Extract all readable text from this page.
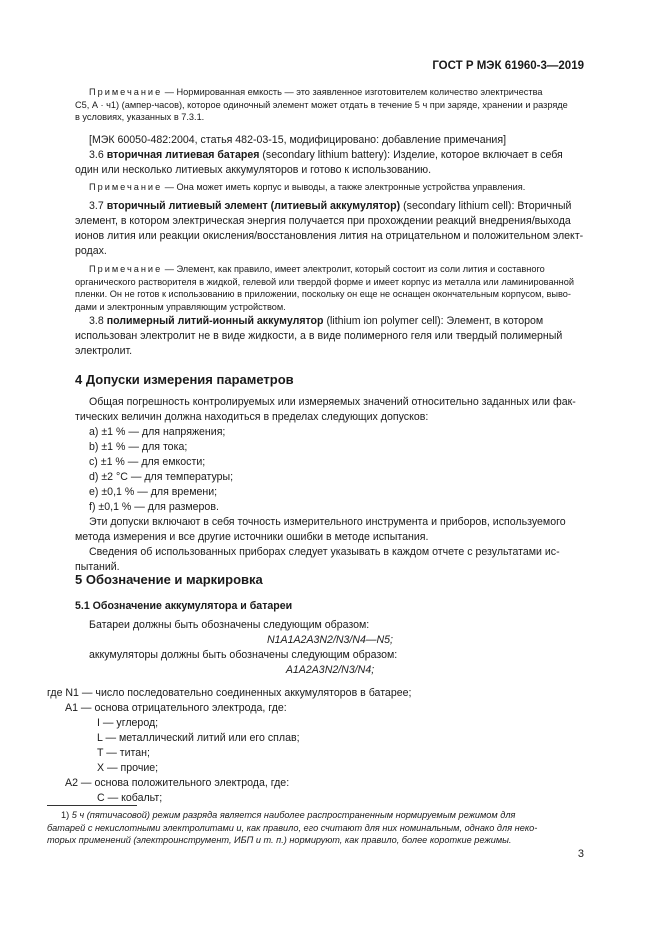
ГОСТ Р МЭК 61960-3—2019

Примечание — Нормированная емкость — это заявленное изготовителем количество электричества

C5, А · ч1) (ампер-часов), которое одиночный элемент может отдать в течение 5 ч при заряде, хранении и разряде

в условиях, указанных в 7.3.1.

[МЭК 60050-482:2004, статья 482-03-15, модифицировано: добавление примечания]

3.6 вторичная литиевая батарея (secondary lithium battery): Изделие, которое включает в себя

один или несколько литиевых аккумуляторов и готово к использованию.

Примечание — Она может иметь корпус и выводы, а также электронные устройства управления.

3.7 вторичный литиевый элемент (литиевый аккумулятор) (secondary lithium cell): Вторичный

элемент, в котором электрическая энергия получается при прохождении реакций внедрения/выхода

ионов лития или реакции окисления/восстановления лития на отрицательном и положительном элект-

родах.

Примечание — Элемент, как правило, имеет электролит, который состоит из соли лития и составного

органического растворителя в жидкой, гелевой или твердой форме и имеет корпус из металла или ламинированной

пленки. Он не готов к использованию в приложении, поскольку он еще не оснащен окончательным корпусом, выво-

дами и электронным управляющим устройством.

3.8 полимерный литий-ионный аккумулятор (lithium ion polymer cell): Элемент, в котором

использован электролит не в виде жидкости, а в виде полимерного геля или твердый полимерный

электролит.

4 Допуски измерения параметров

Общая погрешность контролируемых или измеряемых значений относительно заданных или фак-

тических величин должна находиться в пределах следующих допусков:

a) ±1 % — для напряжения;
b) ±1 % — для тока;
c) ±1 % — для емкости;
d) ±2 °С — для температуры;
e) ±0,1 % — для времени;
f) ±0,1 % — для размеров.

Эти допуски включают в себя точность измерительного инструмента и приборов, используемого

метода измерения и все другие источники ошибки в методе испытания.

Сведения об использованных приборах следует указывать в каждом отчете с результатами ис-

пытаний.

5 Обозначение и маркировка
5.1 Обозначение аккумулятора и батареи

Батареи должны быть обозначены следующим образом:

N1A1A2A3N2/N3/N4—N5;

аккумуляторы должны быть обозначены следующим образом:

A1A2A3N2/N3/N4;

где N1 — число последовательно соединенных аккумуляторов в батарее;

A1 — основа отрицательного электрода, где:

I — углерод;

L — металлический литий или его сплав;

T — титан;

X — прочие;

A2 — основа положительного электрода, где:

C — кобальт;

1) 5 ч (пятичасовой) режим разряда является наиболее распространенным нормируемым режимом для

батарей с некислотными электролитами и, как правило, его считают для них номинальным, однако для неко-

торых применений (электроинструмент, ИБП и т. п.) нормируют, как правило, более короткие режимы.

3
